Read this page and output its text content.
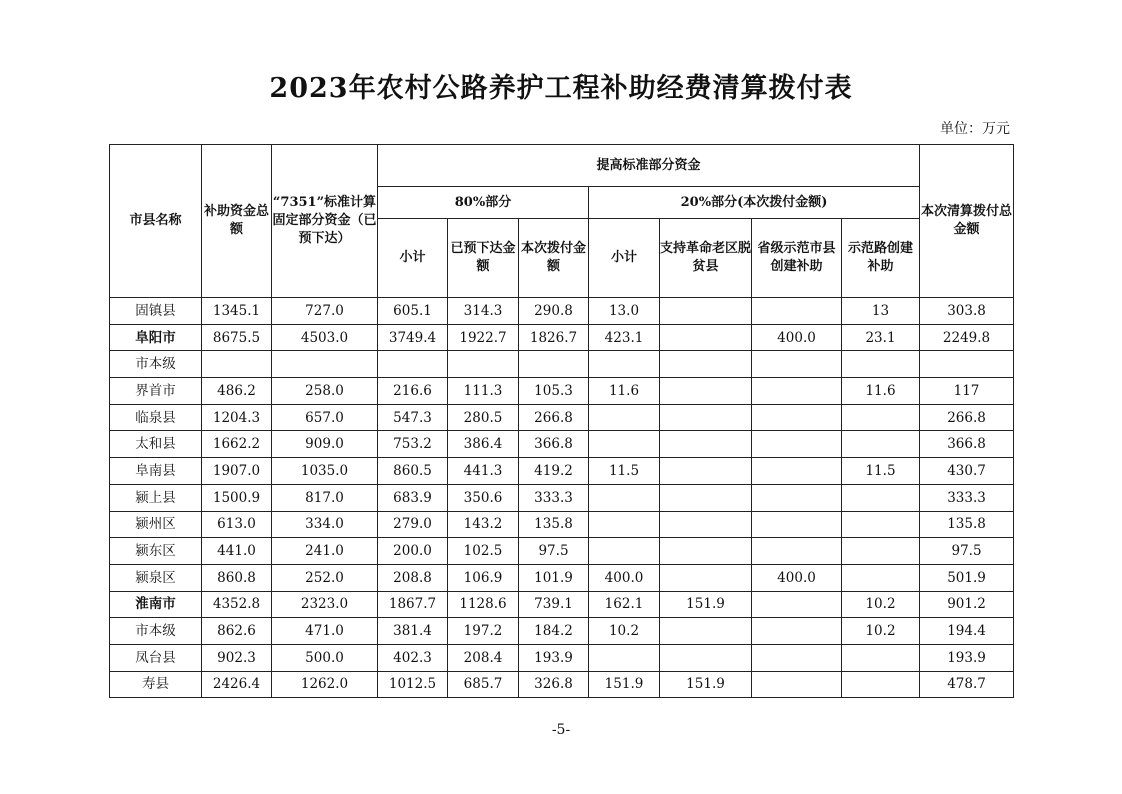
2023年农村公路养护工程补助经费清算拨付表
单位：万元
市县名称	补助资金总额	“7351”标准计算固定部分资金（已预下达）	提高标准部分资金							本次清算拨付总金额
			80%部分			20%部分(本次拨付金额)				
			小计	已预下达金额	本次拨付金额	小计	支持革命老区脱贫县	省级示范市县创建补助	示范路创建补助	
固镇县	1345.1	727.0	605.1	314.3	290.8	13.0			13	303.8
阜阳市	8675.5	4503.0	3749.4	1922.7	1826.7	423.1		400.0	23.1	2249.8
市本级										
界首市	486.2	258.0	216.6	111.3	105.3	11.6			11.6	117
临泉县	1204.3	657.0	547.3	280.5	266.8					266.8
太和县	1662.2	909.0	753.2	386.4	366.8					366.8
阜南县	1907.0	1035.0	860.5	441.3	419.2	11.5			11.5	430.7
颍上县	1500.9	817.0	683.9	350.6	333.3					333.3
颍州区	613.0	334.0	279.0	143.2	135.8					135.8
颍东区	441.0	241.0	200.0	102.5	97.5					97.5
颍泉区	860.8	252.0	208.8	106.9	101.9	400.0		400.0		501.9
淮南市	4352.8	2323.0	1867.7	1128.6	739.1	162.1	151.9		10.2	901.2
市本级	862.6	471.0	381.4	197.2	184.2	10.2			10.2	194.4
凤台县	902.3	500.0	402.3	208.4	193.9					193.9
寿县	2426.4	1262.0	1012.5	685.7	326.8	151.9	151.9			478.7
-5-
